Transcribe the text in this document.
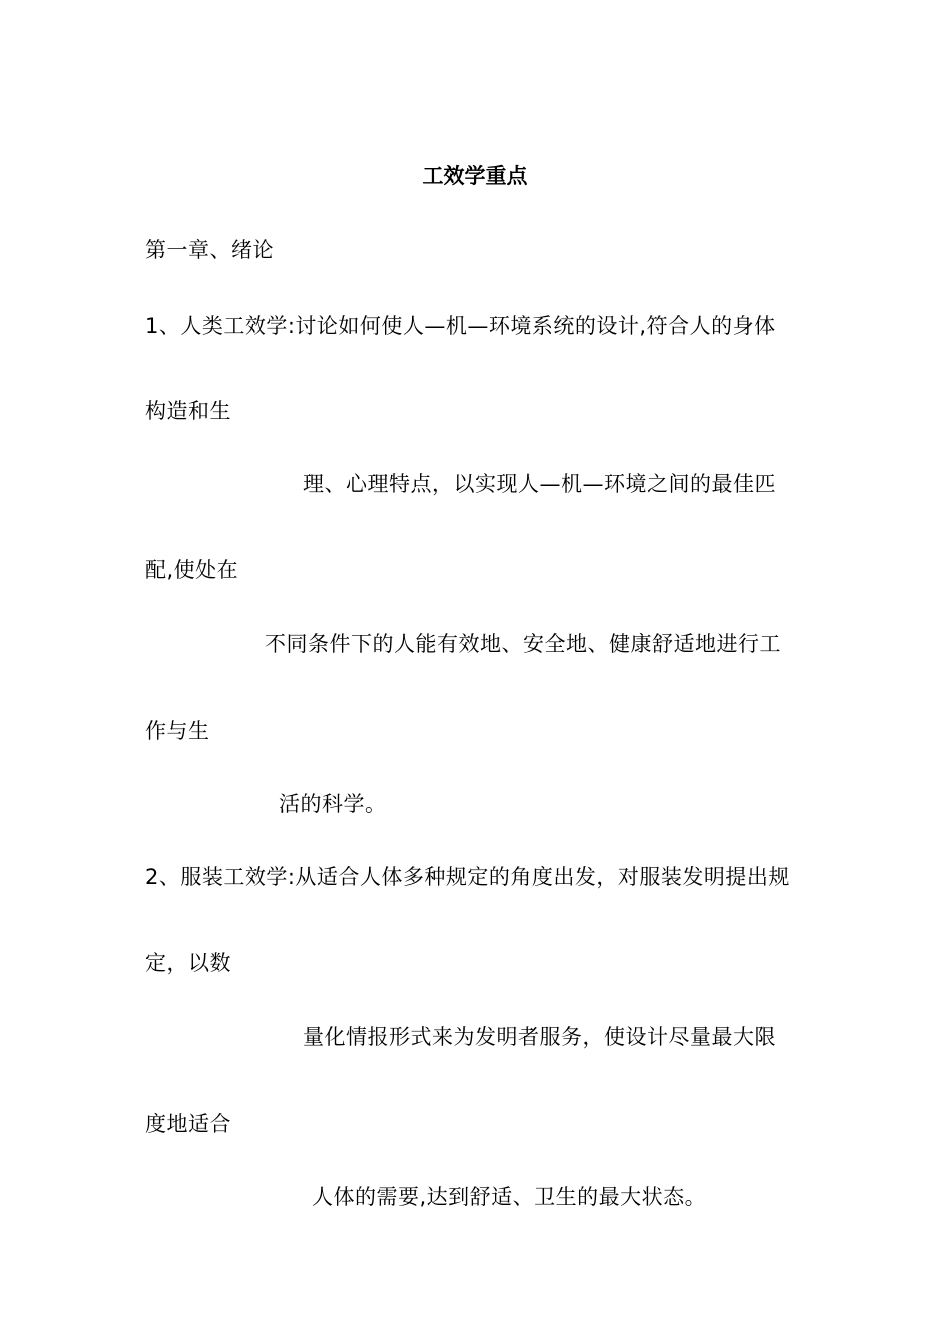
工效学重点
第一章、绪论
1、人类工效学:讨论如何使人—机—环境系统的设计,符合人的身体
构造和生
理、心理特点，以实现人—机—环境之间的最佳匹
配,使处在
不同条件下的人能有效地、安全地、健康舒适地进行工
作与生
活的科学。
2、服装工效学:从适合人体多种规定的角度出发，对服装发明提出规
定，以数
量化情报形式来为发明者服务，使设计尽量最大限
度地适合
人体的需要,达到舒适、卫生的最大状态。
